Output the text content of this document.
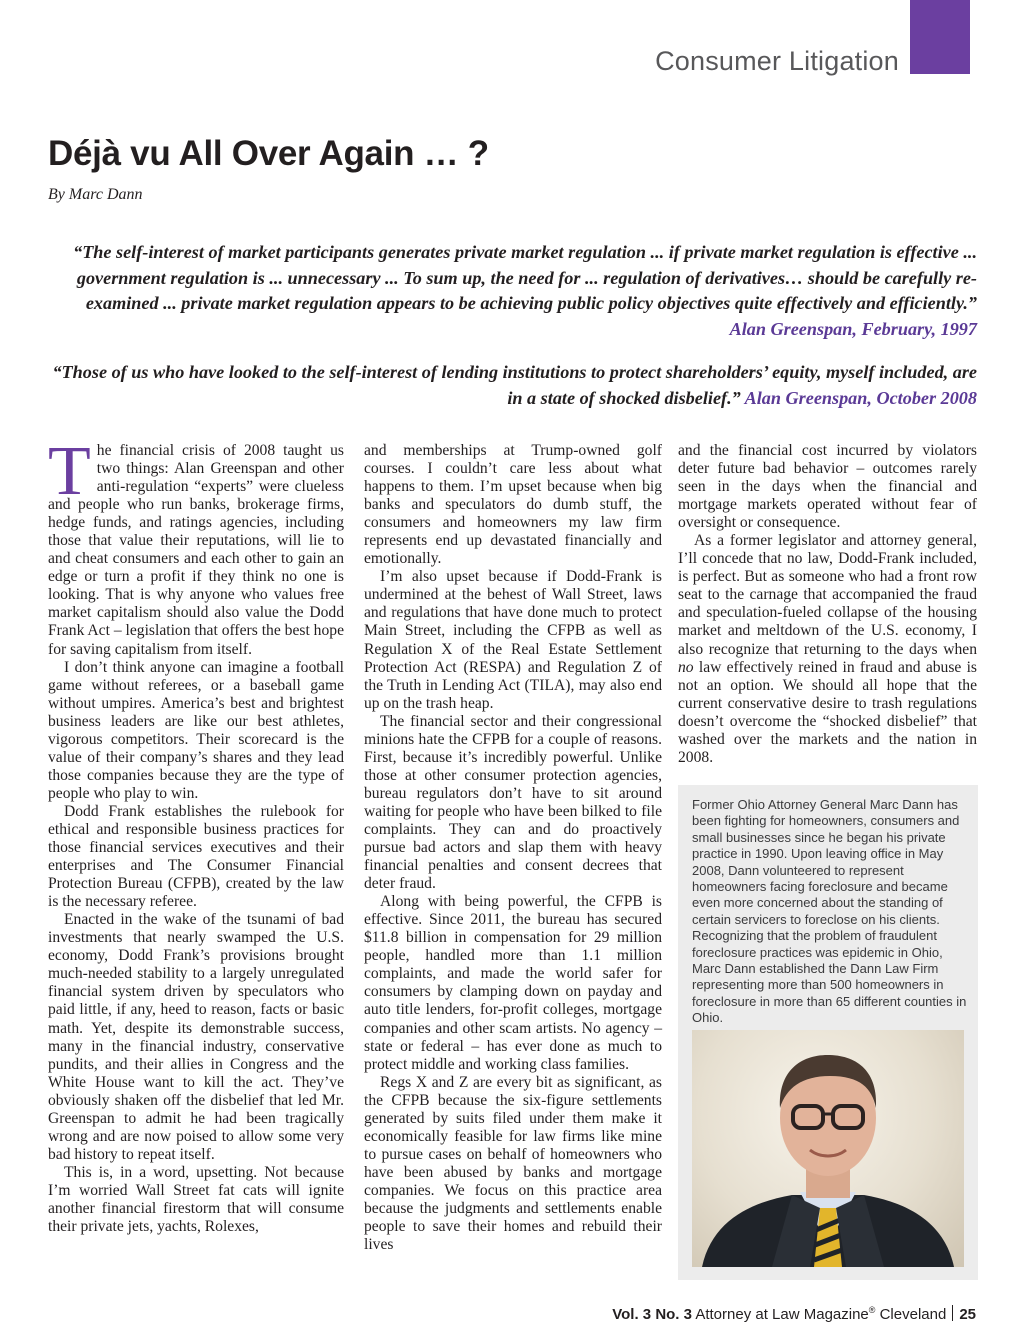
Consumer Litigation
Déjà vu All Over Again … ?
By Marc Dann
“The self-interest of market participants generates private market regulation ... if private market regulation is effective ... government regulation is ... unnecessary ... To sum up, the need for ... regulation of derivatives… should be carefully re-examined ... private market regulation appears to be achieving public policy objectives quite effectively and efficiently.” Alan Greenspan, February, 1997
“Those of us who have looked to the self-interest of lending institutions to protect shareholders’ equity, myself included, are in a state of shocked disbelief.” Alan Greenspan, October 2008

The financial crisis of 2008 taught us two things: Alan Greenspan and other anti-regulation “experts” were clueless and people who run banks, brokerage firms, hedge funds, and ratings agencies, including those that value their reputations, will lie to and cheat consumers and each other to gain an edge or turn a profit if they think no one is looking. That is why anyone who values free market capitalism should also value the Dodd Frank Act – legislation that offers the best hope for saving capitalism from itself.

I don’t think anyone can imagine a football game without referees, or a baseball game without umpires. America’s best and brightest business leaders are like our best athletes, vigorous competitors. Their scorecard is the value of their company’s shares and they lead those companies because they are the type of people who play to win.

Dodd Frank establishes the rulebook for ethical and responsible business practices for those financial services executives and their enterprises and The Consumer Financial Protection Bureau (CFPB), created by the law is the necessary referee.

Enacted in the wake of the tsunami of bad investments that nearly swamped the U.S. economy, Dodd Frank’s provisions brought much-needed stability to a largely unregulated financial system driven by speculators who paid little, if any, heed to reason, facts or basic math. Yet, despite its demonstrable success, many in the financial industry, conservative pundits, and their allies in Congress and the White House want to kill the act. They’ve obviously shaken off the disbelief that led Mr. Greenspan to admit he had been tragically wrong and are now poised to allow some very bad history to repeat itself.

This is, in a word, upsetting. Not because I’m worried Wall Street fat cats will ignite another financial firestorm that will consume their private jets, yachts, Rolexes,

and memberships at Trump-owned golf courses. I couldn’t care less about what happens to them. I’m upset because when big banks and speculators do dumb stuff, the consumers and homeowners my law firm represents end up devastated financially and emotionally.

I’m also upset because if Dodd-Frank is undermined at the behest of Wall Street, laws and regulations that have done much to protect Main Street, including the CFPB as well as Regulation X of the Real Estate Settlement Protection Act (RESPA) and Regulation Z of the Truth in Lending Act (TILA), may also end up on the trash heap.

The financial sector and their congressional minions hate the CFPB for a couple of reasons. First, because it’s incredibly powerful. Unlike those at other consumer protection agencies, bureau regulators don’t have to sit around waiting for people who have been bilked to file complaints. They can and do proactively pursue bad actors and slap them with heavy financial penalties and consent decrees that deter fraud.

Along with being powerful, the CFPB is effective. Since 2011, the bureau has secured $11.8 billion in compensation for 29 million people, handled more than 1.1 million complaints, and made the world safer for consumers by clamping down on payday and auto title lenders, for-profit colleges, mortgage companies and other scam artists. No agency – state or federal – has ever done as much to protect middle and working class families.

Regs X and Z are every bit as significant, as the CFPB because the six-figure settlements generated by suits filed under them make it economically feasible for law firms like mine to pursue cases on behalf of homeowners who have been abused by banks and mortgage companies. We focus on this practice area because the judgments and settlements enable people to save their homes and rebuild their lives

and the financial cost incurred by violators deter future bad behavior – outcomes rarely seen in the days when the financial and mortgage markets operated without fear of oversight or consequence.

As a former legislator and attorney general, I’ll concede that no law, Dodd-Frank included, is perfect. But as someone who had a front row seat to the carnage that accompanied the fraud and speculation-fueled collapse of the housing market and meltdown of the U.S. economy, I also recognize that returning to the days when no law effectively reined in fraud and abuse is not an option. We should all hope that the current conservative desire to trash regulations doesn’t overcome the “shocked disbelief” that washed over the markets and the nation in 2008.

Former Ohio Attorney General Marc Dann has been fighting for homeowners, consumers and small businesses since he began his private practice in 1990. Upon leaving office in May 2008, Dann volunteered to represent homeowners facing foreclosure and became even more concerned about the standing of certain servicers to foreclose on his clients. Recognizing that the problem of fraudulent foreclosure practices was epidemic in Ohio, Marc Dann established the Dann Law Firm representing more than 500 homeowners in foreclosure in more than 65 different counties in Ohio.
Vol. 3 No. 3 Attorney at Law Magazine® Cleveland 25
